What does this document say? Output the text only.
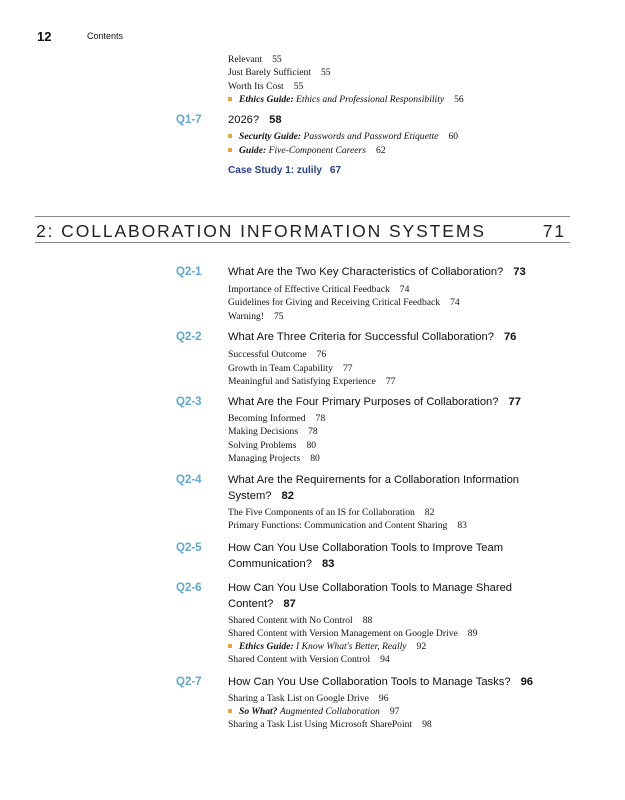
12	Contents
Relevant 55
Just Barely Sufficient 55
Worth Its Cost 55
Ethics Guide: Ethics and Professional Responsibility 56
Q1-7	2026? 58
Security Guide: Passwords and Password Etiquette 60
Guide: Five-Component Careers 62
Case Study 1: zulily 67
2: COLLABORATION INFORMATION SYSTEMS	71
Q2-1	What Are the Two Key Characteristics of Collaboration? 73
Importance of Effective Critical Feedback 74
Guidelines for Giving and Receiving Critical Feedback 74
Warning! 75
Q2-2	What Are Three Criteria for Successful Collaboration? 76
Successful Outcome 76
Growth in Team Capability 77
Meaningful and Satisfying Experience 77
Q2-3	What Are the Four Primary Purposes of Collaboration? 77
Becoming Informed 78
Making Decisions 78
Solving Problems 80
Managing Projects 80
Q2-4	What Are the Requirements for a Collaboration Information
System? 82
The Five Components of an IS for Collaboration 82
Primary Functions: Communication and Content Sharing 83
Q2-5	How Can You Use Collaboration Tools to Improve Team
Communication? 83
Q2-6	How Can You Use Collaboration Tools to Manage Shared
Content? 87
Shared Content with No Control 88
Shared Content with Version Management on Google Drive 89
Ethics Guide: I Know What's Better, Really 92
Shared Content with Version Control 94
Q2-7	How Can You Use Collaboration Tools to Manage Tasks? 96
Sharing a Task List on Google Drive 96
So What? Augmented Collaboration 97
Sharing a Task List Using Microsoft SharePoint 98
